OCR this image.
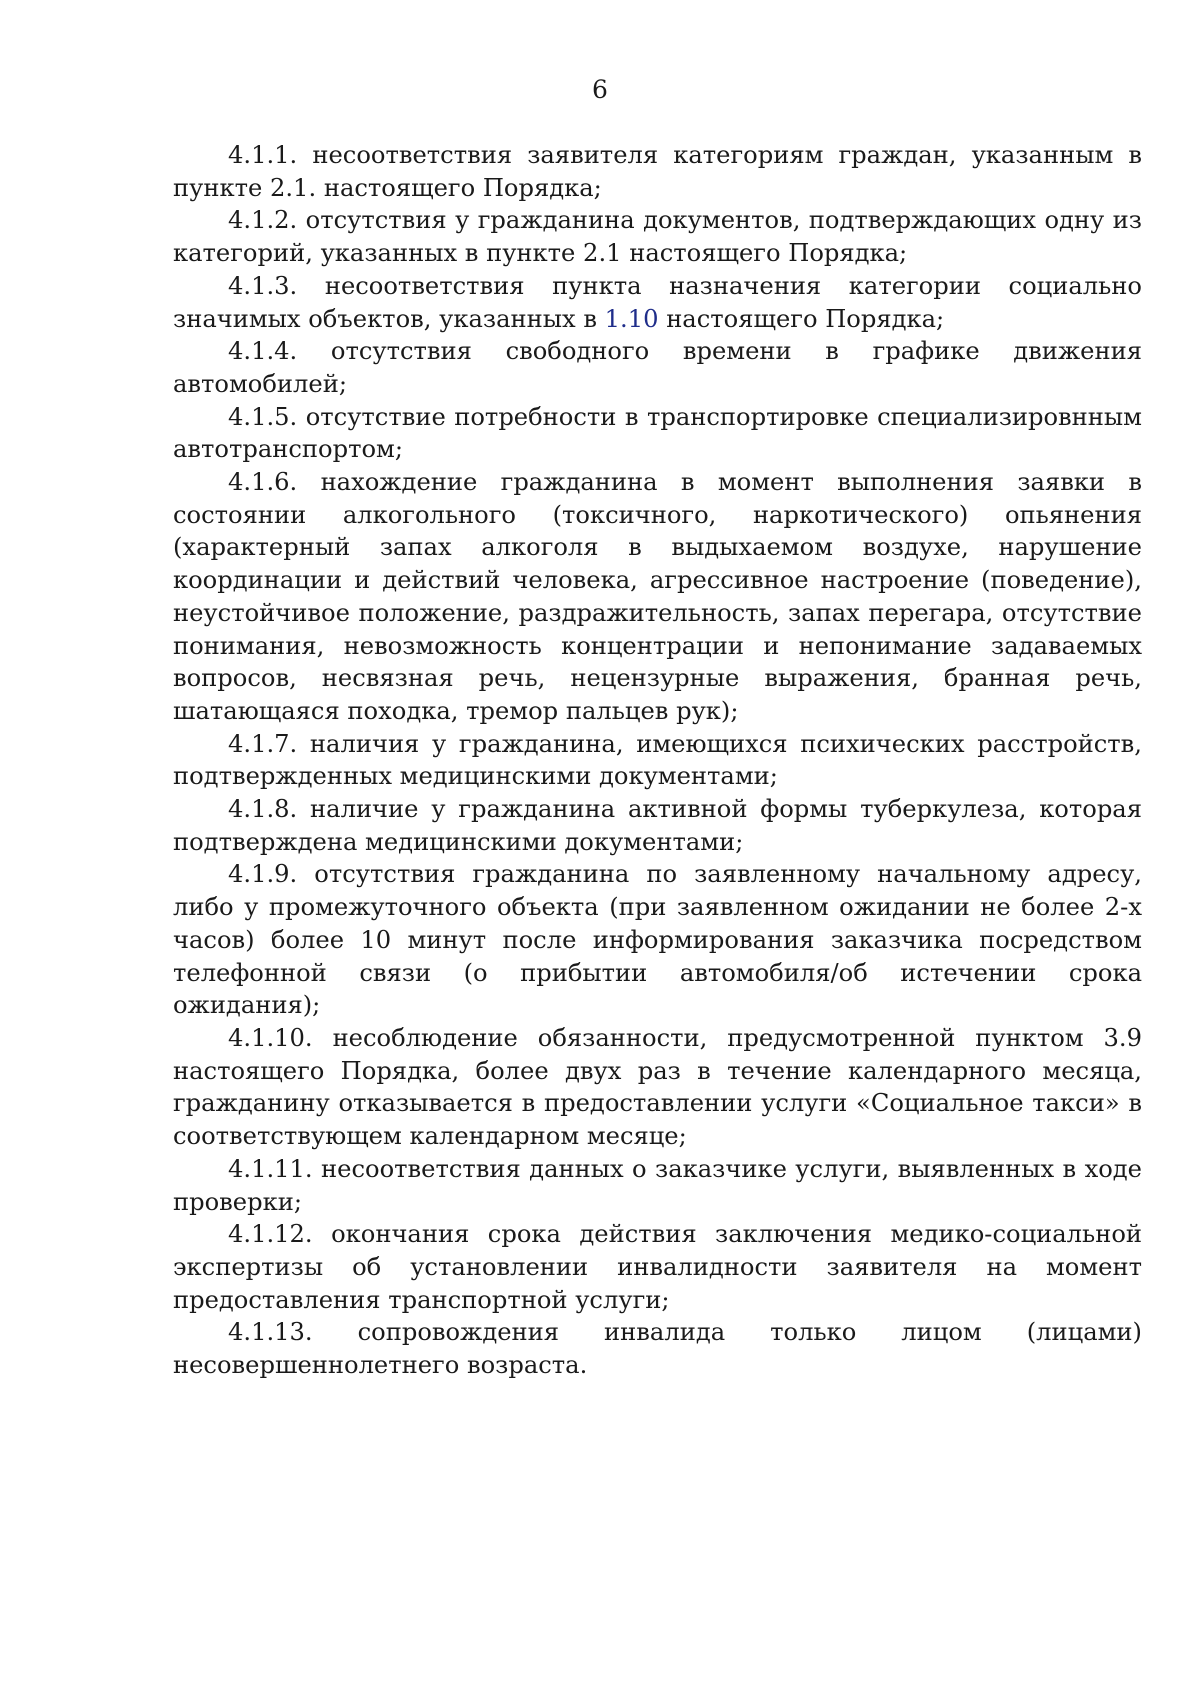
6

4.1.1. несоответствия заявителя категориям граждан, указанным в пункте 2.1. настоящего Порядка;

4.1.2. отсутствия у гражданина документов, подтверждающих одну из категорий, указанных в пункте 2.1 настоящего Порядка;

4.1.3. несоответствия пункта назначения категории социально значимых объектов, указанных в 1.10 настоящего Порядка;

4.1.4. отсутствия свободного времени в графике движения автомобилей;

4.1.5. отсутствие потребности в транспортировке специализировнным автотранспортом;

4.1.6. нахождение гражданина в момент выполнения заявки в состоянии алкогольного (токсичного, наркотического) опьянения (характерный запах алкоголя в выдыхаемом воздухе, нарушение координации и действий человека, агрессивное настроение (поведение), неустойчивое положение, раздражительность, запах перегара, отсутствие понимания, невозможность концентрации и непонимание задаваемых вопросов, несвязная речь, нецензурные выражения, бранная речь, шатающаяся походка, тремор пальцев рук);

4.1.7. наличия у гражданина, имеющихся психических расстройств, подтвержденных медицинскими документами;

4.1.8. наличие у гражданина активной формы туберкулеза, которая подтверждена медицинскими документами;

4.1.9. отсутствия гражданина по заявленному начальному адресу, либо у промежуточного объекта (при заявленном ожидании не более 2-х часов) более 10 минут после информирования заказчика посредством телефонной связи (о прибытии автомобиля/об истечении срока ожидания);

4.1.10. несоблюдение обязанности, предусмотренной пунктом 3.9 настоящего Порядка, более двух раз в течение календарного месяца, гражданину отказывается в предоставлении услуги «Социальное такси» в соответствующем календарном месяце;

4.1.11. несоответствия данных о заказчике услуги, выявленных в ходе проверки;

4.1.12. окончания срока действия заключения медико-социальной экспертизы об установлении инвалидности заявителя на момент предоставления транспортной услуги;

4.1.13. сопровождения инвалида только лицом (лицами) несовершеннолетнего возраста.
